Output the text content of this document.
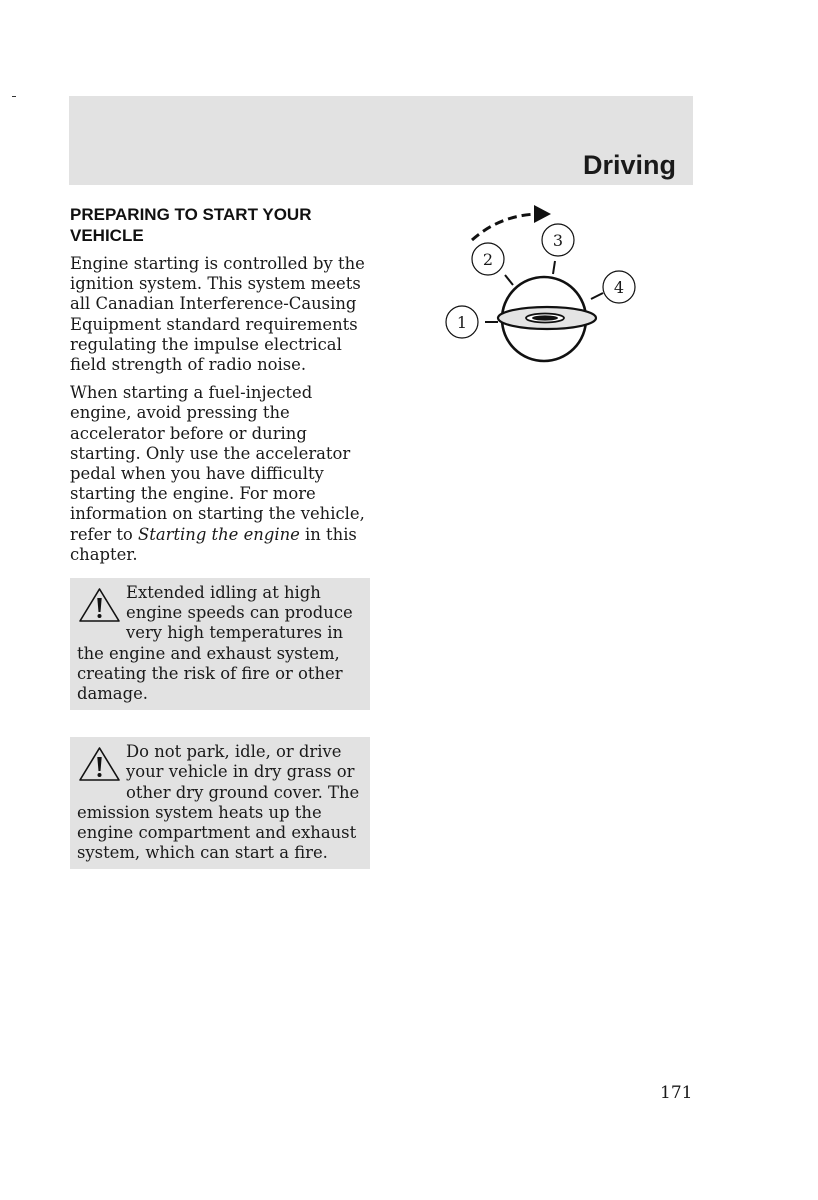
Driving
PREPARING TO START YOUR VEHICLE

Engine starting is controlled by the ignition system. This system meets all Canadian Interference-Causing Equipment standard requirements regulating the impulse electrical field strength of radio noise.

When starting a fuel-injected engine, avoid pressing the accelerator before or during starting. Only use the accelerator pedal when you have difficulty starting the engine. For more information on starting the vehicle, refer to Starting the engine in this chapter.

Extended idling at high engine speeds can produce very high temperatures in the engine and exhaust system, creating the risk of fire or other damage.
Do not park, idle, or drive your vehicle in dry grass or other dry ground cover. The emission system heats up the engine compartment and exhaust system, which can start a fire.
1
2
3
4
171
